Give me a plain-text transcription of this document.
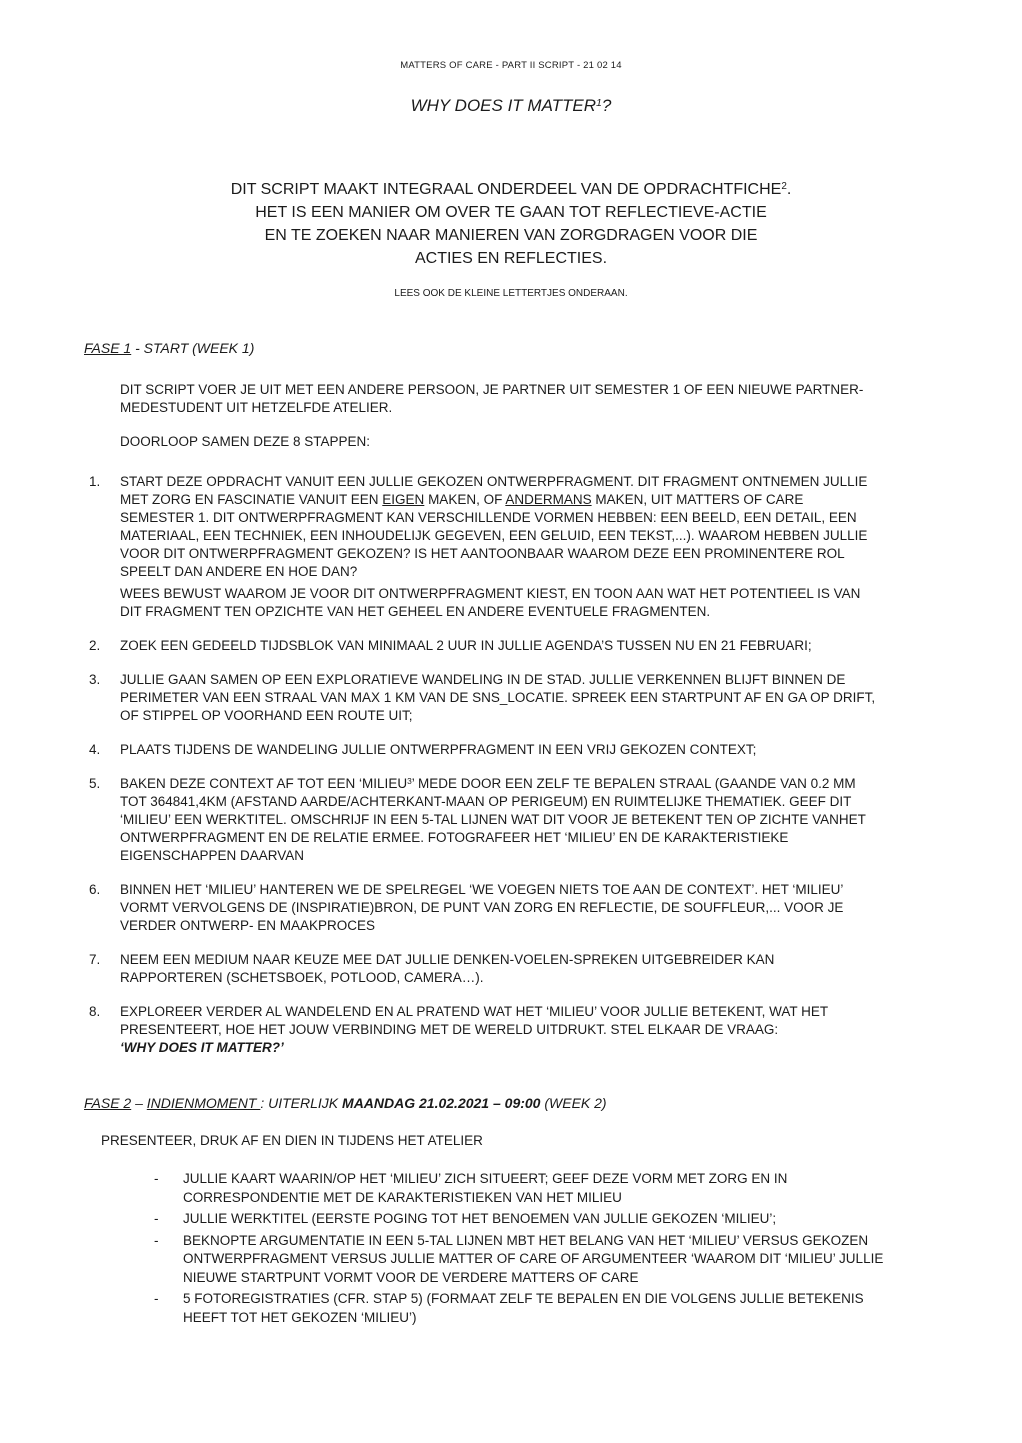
MATTERS OF CARE - PART II SCRIPT - 21 02 14
WHY DOES IT MATTER$^1$?
DIT SCRIPT MAAKT INTEGRAAL ONDERDEEL VAN DE OPDRACHTFICHE$^2$.
HET IS EEN MANIER OM OVER TE GAAN TOT REFLECTIEVE-ACTIE
EN TE ZOEKEN NAAR MANIEREN VAN ZORGDRAGEN VOOR DIE
ACTIES EN REFLECTIES.
LEES OOK DE KLEINE LETTERTJES ONDERAAN.
FASE 1 - START (WEEK 1)
DIT SCRIPT VOER JE UIT MET EEN ANDERE PERSOON, JE PARTNER UIT SEMESTER 1 OF EEN NIEUWE PARTNER-MEDESTUDENT UIT HETZELFDE ATELIER.
DOORLOOP SAMEN DEZE 8 STAPPEN:
1.	START DEZE OPDRACHT VANUIT EEN JULLIE GEKOZEN ONTWERPFRAGMENT. DIT FRAGMENT ONTNEMEN JULLIE MET ZORG EN FASCINATIE VANUIT EEN EIGEN MAKEN, OF ANDERMANS MAKEN, UIT MATTERS OF CARE SEMESTER 1. DIT ONTWERPFRAGMENT KAN VERSCHILLENDE VORMEN HEBBEN: EEN BEELD, EEN DETAIL, EEN MATERIAAL, EEN TECHNIEK, EEN INHOUDELIJK GEGEVEN, EEN GELUID, EEN TEKST,...). WAAROM HEBBEN JULLIE VOOR DIT ONTWERPFRAGMENT GEKOZEN? IS HET AANTOONBAAR WAAROM DEZE EEN PROMINENTERE ROL SPEELT DAN ANDERE EN HOE DAN?

WEES BEWUST WAAROM JE VOOR DIT ONTWERPFRAGMENT KIEST, EN TOON AAN WAT HET POTENTIEEL IS VAN DIT FRAGMENT TEN OPZICHTE VAN HET GEHEEL EN ANDERE EVENTUELE FRAGMENTEN.

2.	ZOEK EEN GEDEELD TIJDSBLOK VAN MINIMAAL 2 UUR IN JULLIE AGENDA’S TUSSEN NU EN 21 FEBRUARI;

3.	JULLIE GAAN SAMEN OP EEN EXPLORATIEVE WANDELING IN DE STAD. JULLIE VERKENNEN BLIJFT BINNEN DE PERIMETER VAN EEN STRAAL VAN MAX 1 KM VAN DE SNS_LOCATIE. SPREEK EEN STARTPUNT AF EN GA OP DRIFT, OF STIPPEL OP VOORHAND EEN ROUTE UIT;

4.	PLAATS TIJDENS DE WANDELING JULLIE ONTWERPFRAGMENT IN EEN VRIJ GEKOZEN CONTEXT;

5.	BAKEN DEZE CONTEXT AF TOT EEN ‘MILIEU$^3$’ MEDE DOOR EEN ZELF TE BEPALEN STRAAL (GAANDE VAN 0.2 MM TOT 364841,4KM (AFSTAND AARDE/ACHTERKANT-MAAN OP PERIGEUM) EN RUIMTELIJKE THEMATIEK. GEEF DIT ‘MILIEU’ EEN WERKTITEL. OMSCHRIJF IN EEN 5-TAL LIJNEN WAT DIT VOOR JE BETEKENT TEN OP ZICHTE VANHET ONTWERPFRAGMENT EN DE RELATIE ERMEE. FOTOGRAFEER HET ‘MILIEU’ EN DE KARAKTERISTIEKE EIGENSCHAPPEN DAARVAN

6.	BINNEN HET ‘MILIEU’ HANTEREN WE DE SPELREGEL ‘WE VOEGEN NIETS TOE AAN DE CONTEXT’. HET ‘MILIEU’ VORMT VERVOLGENS DE (INSPIRATIE)BRON, DE PUNT VAN ZORG EN REFLECTIE, DE SOUFFLEUR,... VOOR JE VERDER ONTWERP- EN MAAKPROCES

7.	NEEM EEN MEDIUM NAAR KEUZE MEE DAT JULLIE DENKEN-VOELEN-SPREKEN UITGEBREIDER KAN RAPPORTEREN (SCHETSBOEK, POTLOOD, CAMERA…).

8.	EXPLOREER VERDER AL WANDELEND EN AL PRATEND WAT HET ‘MILIEU’ VOOR JULLIE BETEKENT, WAT HET PRESENTEERT, HOE HET JOUW VERBINDING MET DE WERELD UITDRUKT. STEL ELKAAR DE VRAAG:

‘WHY DOES IT MATTER?’
FASE 2 – INDIENMOMENT : UITERLIJK MAANDAG 21.02.2021 – 09:00 (WEEK 2)
PRESENTEER, DRUK AF EN DIEN IN TIJDENS HET ATELIER
-	JULLIE KAART WAARIN/OP HET ‘MILIEU’ ZICH SITUEERT; GEEF DEZE VORM MET ZORG EN IN CORRESPONDENTIE MET DE KARAKTERISTIEKEN VAN HET MILIEU
-	JULLIE WERKTITEL (EERSTE POGING TOT HET BENOEMEN VAN JULLIE GEKOZEN ‘MILIEU’;
-	BEKNOPTE ARGUMENTATIE IN EEN 5-TAL LIJNEN MBT HET BELANG VAN HET ‘MILIEU’ VERSUS GEKOZEN ONTWERPFRAGMENT VERSUS JULLIE MATTER OF CARE OF ARGUMENTEER ‘WAAROM DIT ‘MILIEU’ JULLIE NIEUWE STARTPUNT VORMT VOOR DE VERDERE MATTERS OF CARE
-	5 FOTOREGISTRATIES (CFR. STAP 5) (FORMAAT ZELF TE BEPALEN EN DIE VOLGENS JULLIE BETEKENIS HEEFT TOT HET GEKOZEN ‘MILIEU’)
